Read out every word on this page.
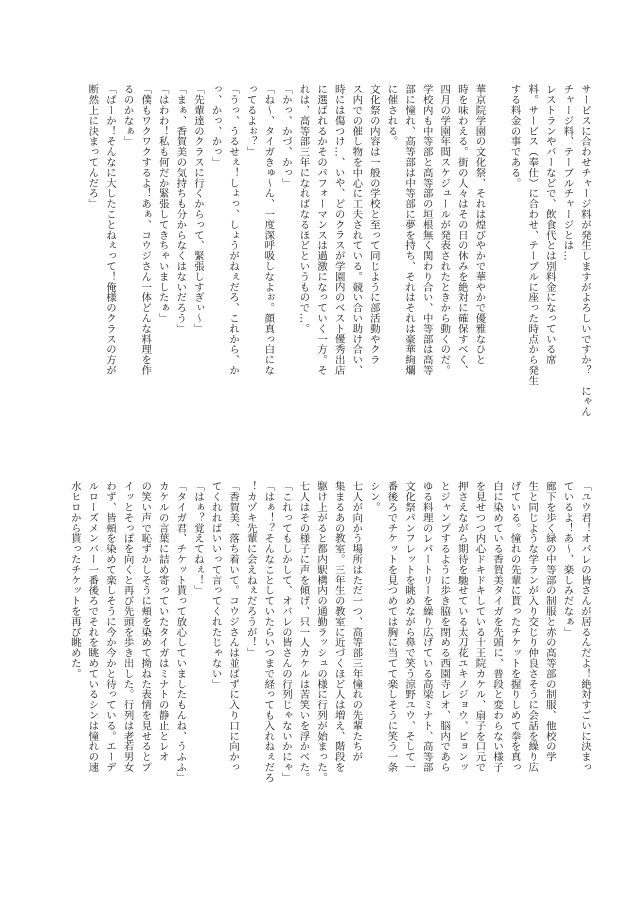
サービスに合わせチャージ料が発生しますがよろしいですか？　にゃん

チャージ料、テーブルチャージとは…

レストランやバーなどで、飲食代とは別料金になっている席

料。サービス（奉仕）に合わせ、テーブルに座った時点から発生

する料金の事である。

華京院学園の文化祭、それは煌びやかで華やかで優雅なひと

時を味わえる。街の人々はその日の休みを絶対に確保すべく、

四月の学園年間スケジュールが発表されたときから動くのだ。

学校内も中等部と高等部の垣根無く関わり合い、中等部は高等

部に憧れ、高等部は中等部に夢を持ち、それはそれは豪華絢爛

に催される。

文化祭の内容は一般の学校と至って同じように部活動やクラ

ス内での催し物を中心に工夫されている。競い合い助け合い、

時には傷つけ…、いや、どのクラスが学園内のベスト優秀出店

に選ばれるかそのパフォーマンスは過激になっていく一方。そ

れは、高等部三年になればなるほどというもので…。

「かっ、かづ、かっ」

「ね〜、タイガきゅ〜ん、一度深呼吸しなよぉ。顔真っ白にな

ってるよぉ？」

「うっ、うるせぇ！しょっ、しょうがねぇだろ、これから、か

っ、かっ、かっ」

「先輩達のクラスに行くからって、緊張しすぎぃ〜」

「まぁ、香賀美の気持ちも分からなくはないだろう」

「はわわ！私も何だか緊張してきちゃいましたぁ」

「僕もワクワクするよ！あぁ、コウジさん一体どんな料理を作

るのかなぁ」

「ばーか！そんなに大したことねぇって！俺様のクラスの方が

断然上に決まってんだろ」

「ユウ君！オバレの皆さんが居るんだよ！絶対すごいに決まっ

ているよ！あ〜、楽しみだなぁ」

廊下を歩く緑の中等部の制服と赤の高等部の制服、他校の学

生と同じような学ランが入り交じり仲良さそうに会話を繰り広

げている。憧れの先輩に貰ったチケットを握りしめて拳を真っ

白に染めている香賀美タイガを先頭に、普段と変わらない様子

を見せつつ内心ドキドキしている十王院カケル、扇子を口元で

押さえながら期待を馳せている太刀花ユキノジョウ、ピョンッ

とジャンプするように歩き脇を閉める西園寺レオ、脳内であら

ゆる料理のレパートリーを繰り広げている高梁ミナト、高等部

文化祭パンフレットを眺めながら鼻で笑う涼野ユウ、そして一

番後ろでチケットを見つめては胸に当てて楽しそうに笑う一条

シン。

七人が向かう場所はただ一つ、高等部三年憧れの先輩たちが

集まるあの教室。三年生の教室に近づくほど人は増え、階段を

駆け上がると都内駅構内の通勤ラッシュの様に行列が始まった。

七人はその様子に声を傾げ、只一人カケルは苦笑いを浮かべた。

「これってもしかして、オバレの皆さんの行列じゃないかにゃ」

「はぁ！？そんなことしていたらいつまで経っても入れねぇだろ

！カヅキ先輩に会えねぇだろうが！」

「香賀美、落ち着いて。コウジさんは並ばずに入り口に向かっ

てくれればいいって言ってくれたじゃない」

「はぁ？覚えてねぇ！」

「タイガ君、チケット貰って放心していましたもんね、うふふ」

カケルの言葉に詰め寄っていたタイガはミナトの静止とレオ

の笑い声で恥ずかしそうに頬を染めて拗ねた表情を見せるとプ

イッとそっぽを向くと再び先頭を歩き出した。行列は老若男女

わず、皆頬を染めて楽しそうに今か今かと待っている。エーデ

ルローズメンバー一番後ろでそれを眺めているシンは憧れの速

水ヒロから貰ったチケットを再び眺めた。
